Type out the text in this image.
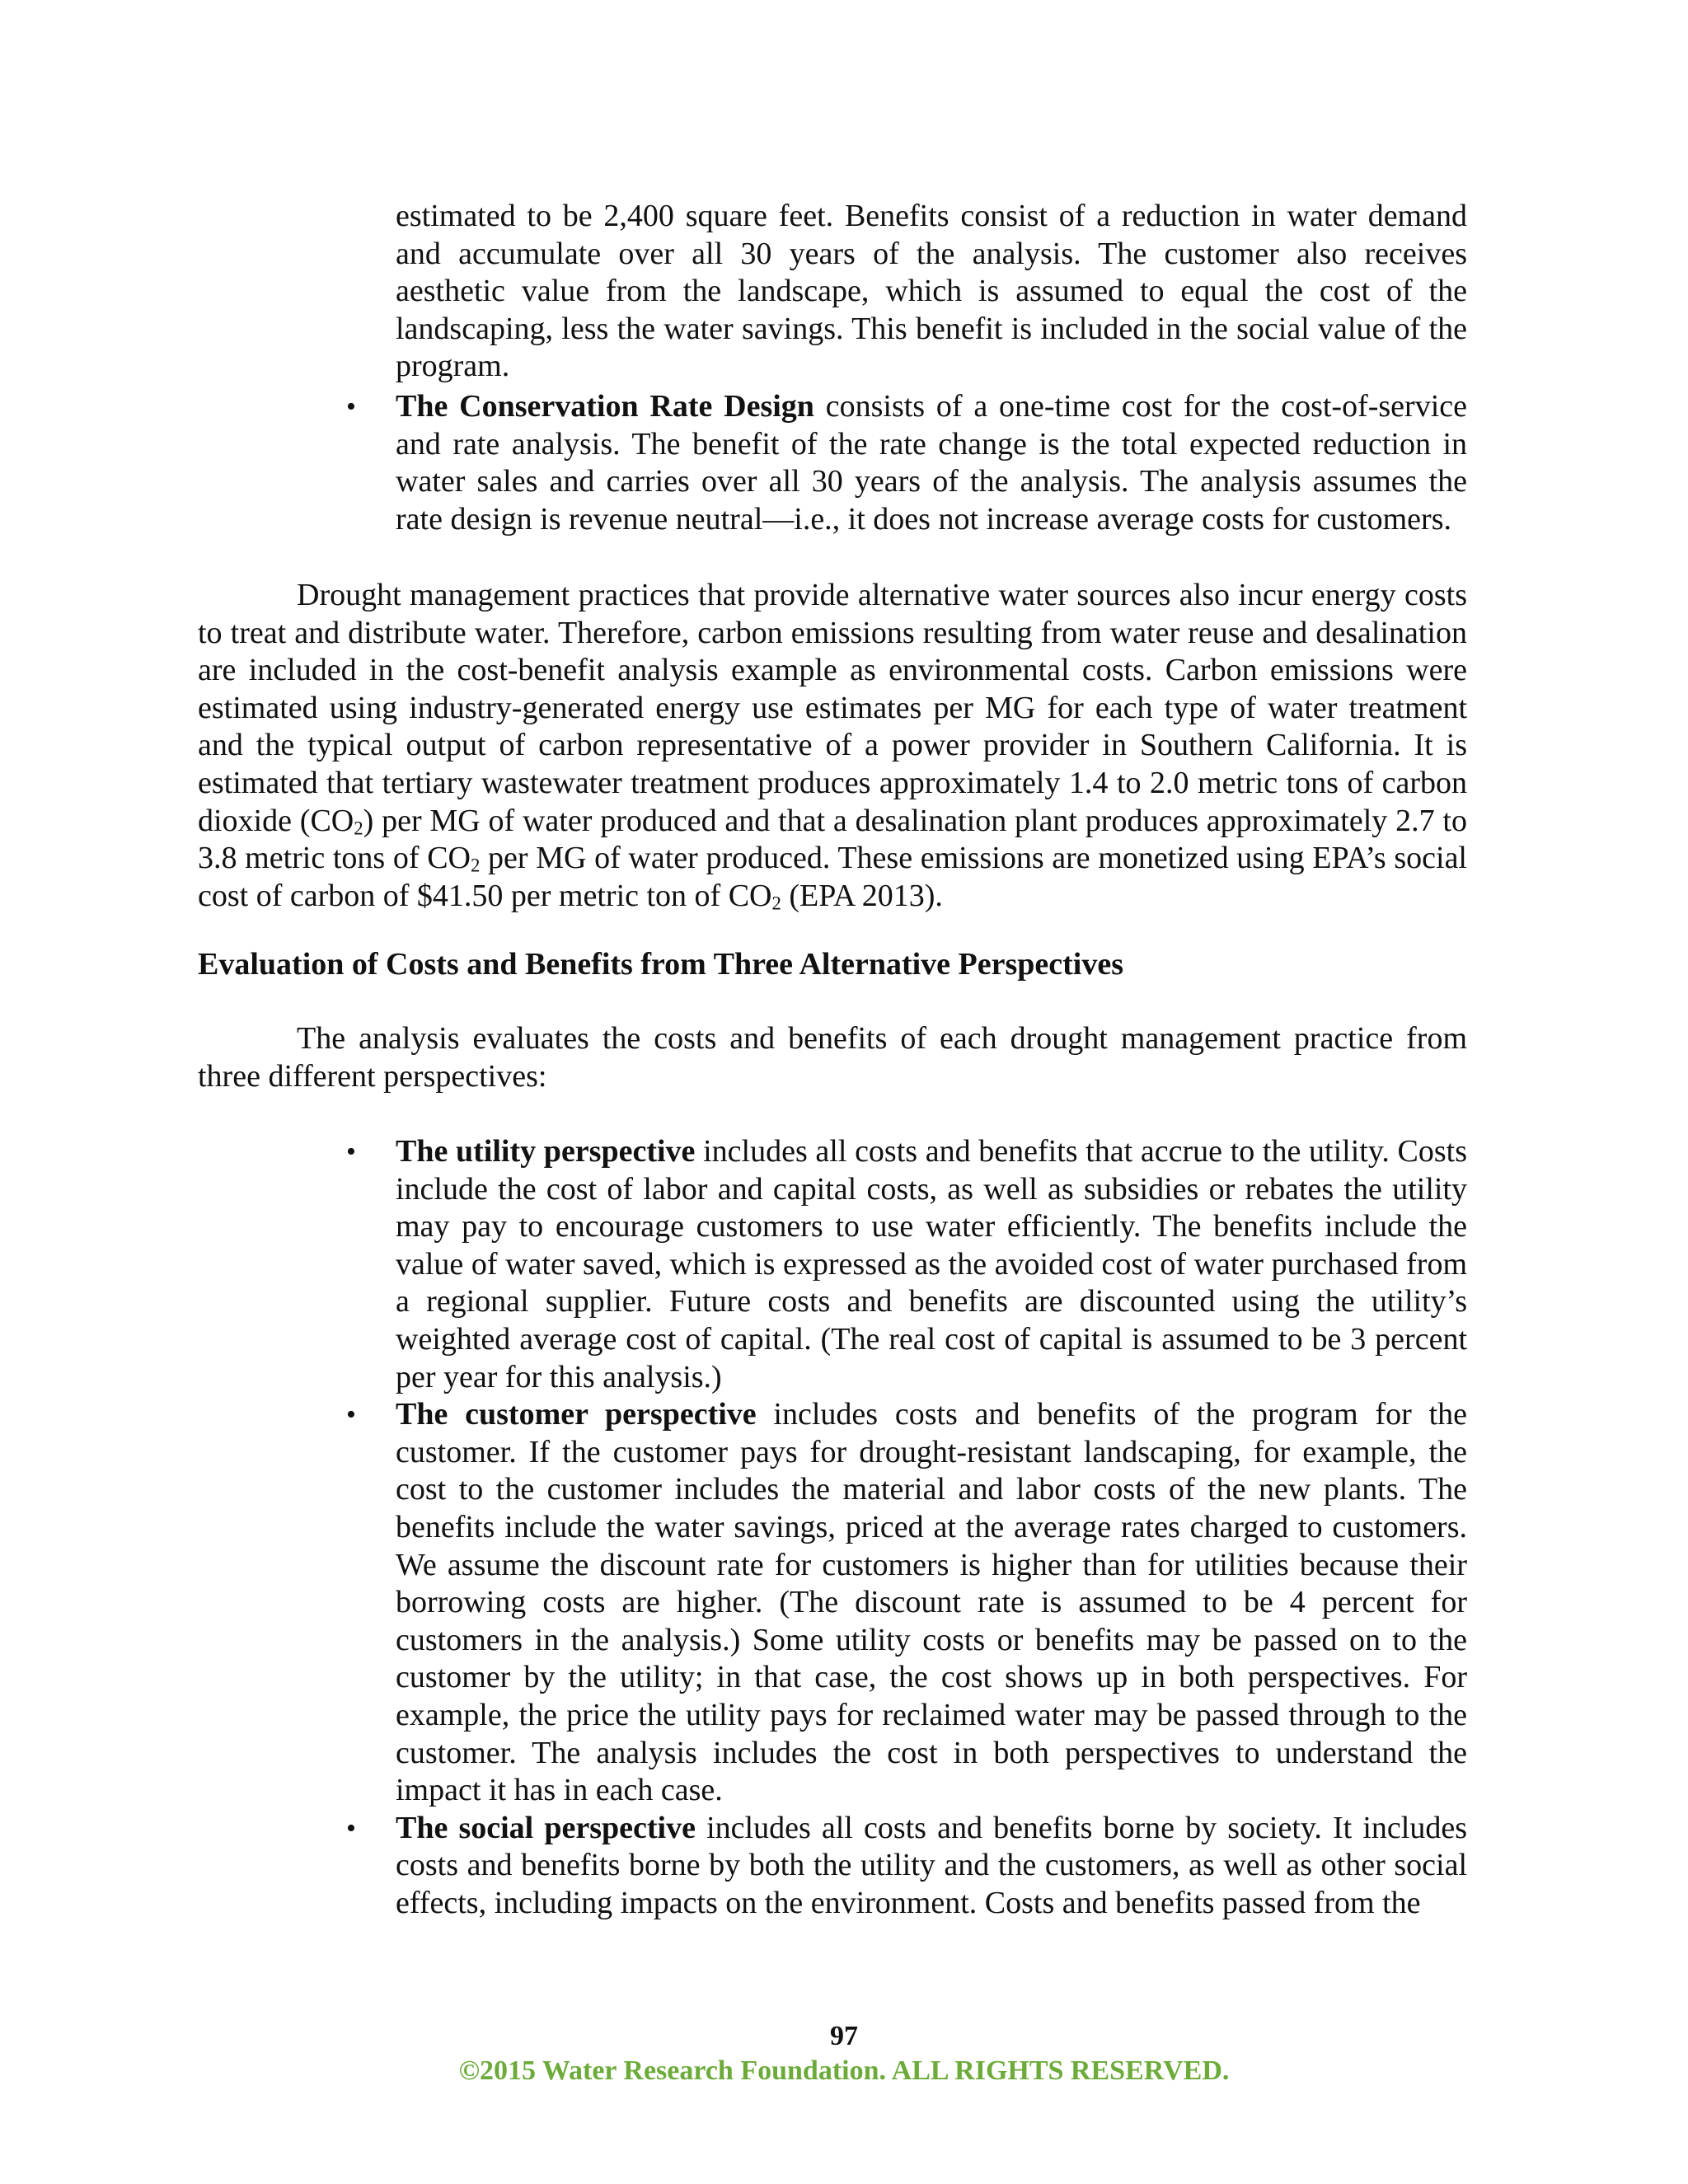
estimated to be 2,400 square feet. Benefits consist of a reduction in water demand and accumulate over all 30 years of the analysis. The customer also receives aesthetic value from the landscape, which is assumed to equal the cost of the landscaping, less the water savings. This benefit is included in the social value of the program.
• The Conservation Rate Design consists of a one-time cost for the cost-of-service and rate analysis. The benefit of the rate change is the total expected reduction in water sales and carries over all 30 years of the analysis. The analysis assumes the rate design is revenue neutral—i.e., it does not increase average costs for customers.
Drought management practices that provide alternative water sources also incur energy costs to treat and distribute water. Therefore, carbon emissions resulting from water reuse and desalination are included in the cost-benefit analysis example as environmental costs. Carbon emissions were estimated using industry-generated energy use estimates per MG for each type of water treatment and the typical output of carbon representative of a power provider in Southern California. It is estimated that tertiary wastewater treatment produces approximately 1.4 to 2.0 metric tons of carbon dioxide $(CO_2)$ per MG of water produced and that a desalination plant produces approximately 2.7 to 3.8 metric tons of $CO_2$ per MG of water produced. These emissions are monetized using EPA’s social cost of carbon of $41.50 per metric ton of $CO_2$ (EPA 2013).
Evaluation of Costs and Benefits from Three Alternative Perspectives
The analysis evaluates the costs and benefits of each drought management practice from three different perspectives:
• The utility perspective includes all costs and benefits that accrue to the utility. Costs include the cost of labor and capital costs, as well as subsidies or rebates the utility may pay to encourage customers to use water efficiently. The benefits include the value of water saved, which is expressed as the avoided cost of water purchased from a regional supplier. Future costs and benefits are discounted using the utility’s weighted average cost of capital. (The real cost of capital is assumed to be 3 percent per year for this analysis.)
• The customer perspective includes costs and benefits of the program for the customer. If the customer pays for drought-resistant landscaping, for example, the cost to the customer includes the material and labor costs of the new plants. The benefits include the water savings, priced at the average rates charged to customers. We assume the discount rate for customers is higher than for utilities because their borrowing costs are higher. (The discount rate is assumed to be 4 percent for customers in the analysis.) Some utility costs or benefits may be passed on to the customer by the utility; in that case, the cost shows up in both perspectives. For example, the price the utility pays for reclaimed water may be passed through to the customer. The analysis includes the cost in both perspectives to understand the impact it has in each case.
• The social perspective includes all costs and benefits borne by society. It includes costs and benefits borne by both the utility and the customers, as well as other social effects, including impacts on the environment. Costs and benefits passed from the
97
©2015 Water Research Foundation. ALL RIGHTS RESERVED.
